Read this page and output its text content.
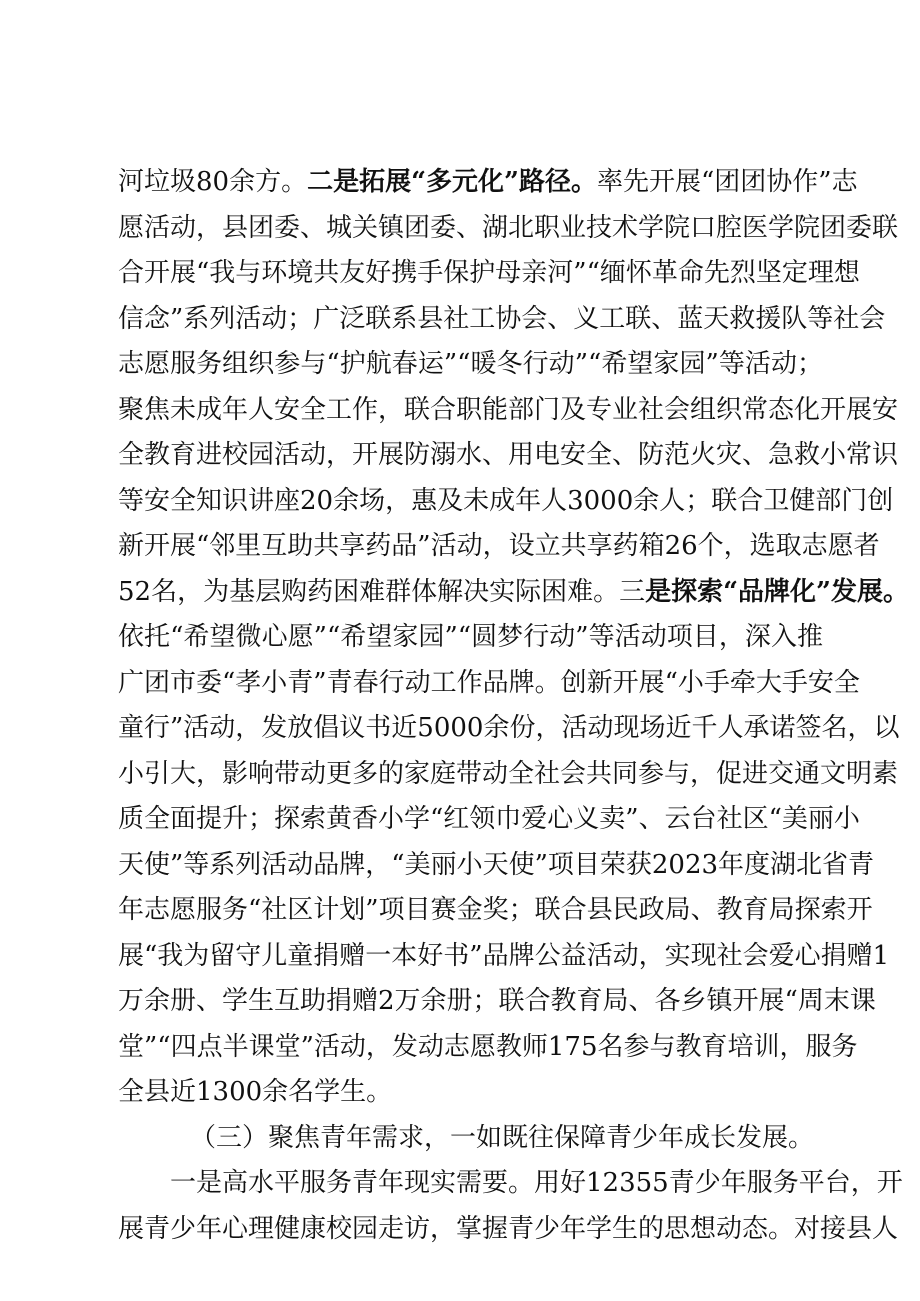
河垃圾80余方。二是拓展“多元化”路径。率先开展“团团协作”志
愿活动，县团委、城关镇团委、湖北职业技术学院口腔医学院团委联
合开展“我与环境共友好携手保护母亲河”“缅怀革命先烈坚定理想
信念”系列活动；广泛联系县社工协会、义工联、蓝天救援队等社会
志愿服务组织参与“护航春运”“暖冬行动”“希望家园”等活动；
聚焦未成年人安全工作，联合职能部门及专业社会组织常态化开展安
全教育进校园活动，开展防溺水、用电安全、防范火灾、急救小常识
等安全知识讲座20余场，惠及未成年人3000余人；联合卫健部门创
新开展“邻里互助共享药品”活动，设立共享药箱26个，选取志愿者
52名，为基层购药困难群体解决实际困难。三是探索“品牌化”发展。
依托“希望微心愿”“希望家园”“圆梦行动”等活动项目，深入推
广团市委“孝小青”青春行动工作品牌。创新开展“小手牵大手安全
童行”活动，发放倡议书近5000余份，活动现场近千人承诺签名，以
小引大，影响带动更多的家庭带动全社会共同参与，促进交通文明素
质全面提升；探索黄香小学“红领巾爱心义卖”、云台社区“美丽小
天使”等系列活动品牌，“美丽小天使”项目荣获2023年度湖北省青
年志愿服务“社区计划”项目赛金奖；联合县民政局、教育局探索开
展“我为留守儿童捐赠一本好书”品牌公益活动，实现社会爱心捐赠1
万余册、学生互助捐赠2万余册；联合教育局、各乡镇开展“周末课
堂”“四点半课堂”活动，发动志愿教师175名参与教育培训，服务
全县近1300余名学生。
（三）聚焦青年需求，一如既往保障青少年成长发展。
一是高水平服务青年现实需要。用好12355青少年服务平台，开
展青少年心理健康校园走访，掌握青少年学生的思想动态。对接县人
